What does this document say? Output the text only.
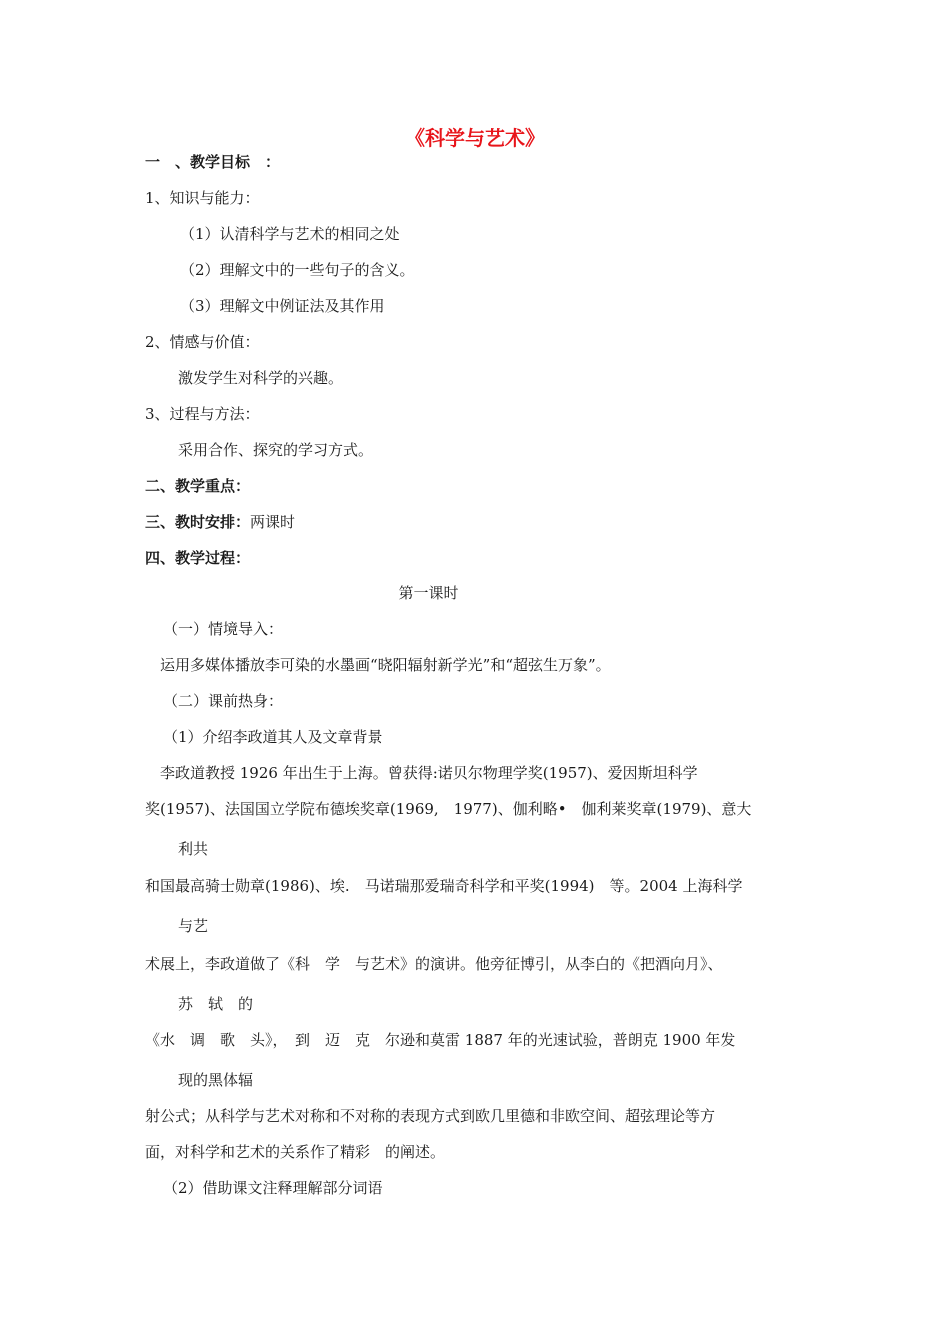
《科学与艺术》
一　、教学目标　：
1、知识与能力：
（1）认清科学与艺术的相同之处
（2）理解文中的一些句子的含义。
（3）理解文中例证法及其作用
2、情感与价值：
激发学生对科学的兴趣。
3、过程与方法：
采用合作、探究的学习方式。
二、教学重点：
三、教时安排：两课时
四、教学过程：
第一课时
（一）情境导入：
运用多媒体播放李可染的水墨画“晓阳辐射新学光”和“超弦生万象”。
（二）课前热身：
（1）介绍李政道其人及文章背景
李政道教授 1926 年出生于上海。曾获得:诺贝尔物理学奖(1957)、爱因斯坦科学
奖(1957)、法国国立学院布德埃奖章(1969,　1977)、伽利略•　伽利莱奖章(1979)、意大
利共
和国最高骑士勋章(1986)、埃.　马诺瑞那爱瑞奇科学和平奖(1994)　等。2004 上海科学
与艺
术展上，李政道做了《科　学　与艺术》的演讲。他旁征博引，从李白的《把酒向月》、
苏　轼　的
《水　调　歌　头》，　到　迈　克　尔逊和莫雷 1887 年的光速试验，普朗克 1900 年发
现的黑体辐
射公式；从科学与艺术对称和不对称的表现方式到欧几里德和非欧空间、超弦理论等方
面，对科学和艺术的关系作了精彩　的阐述。
（2）借助课文注释理解部分词语
